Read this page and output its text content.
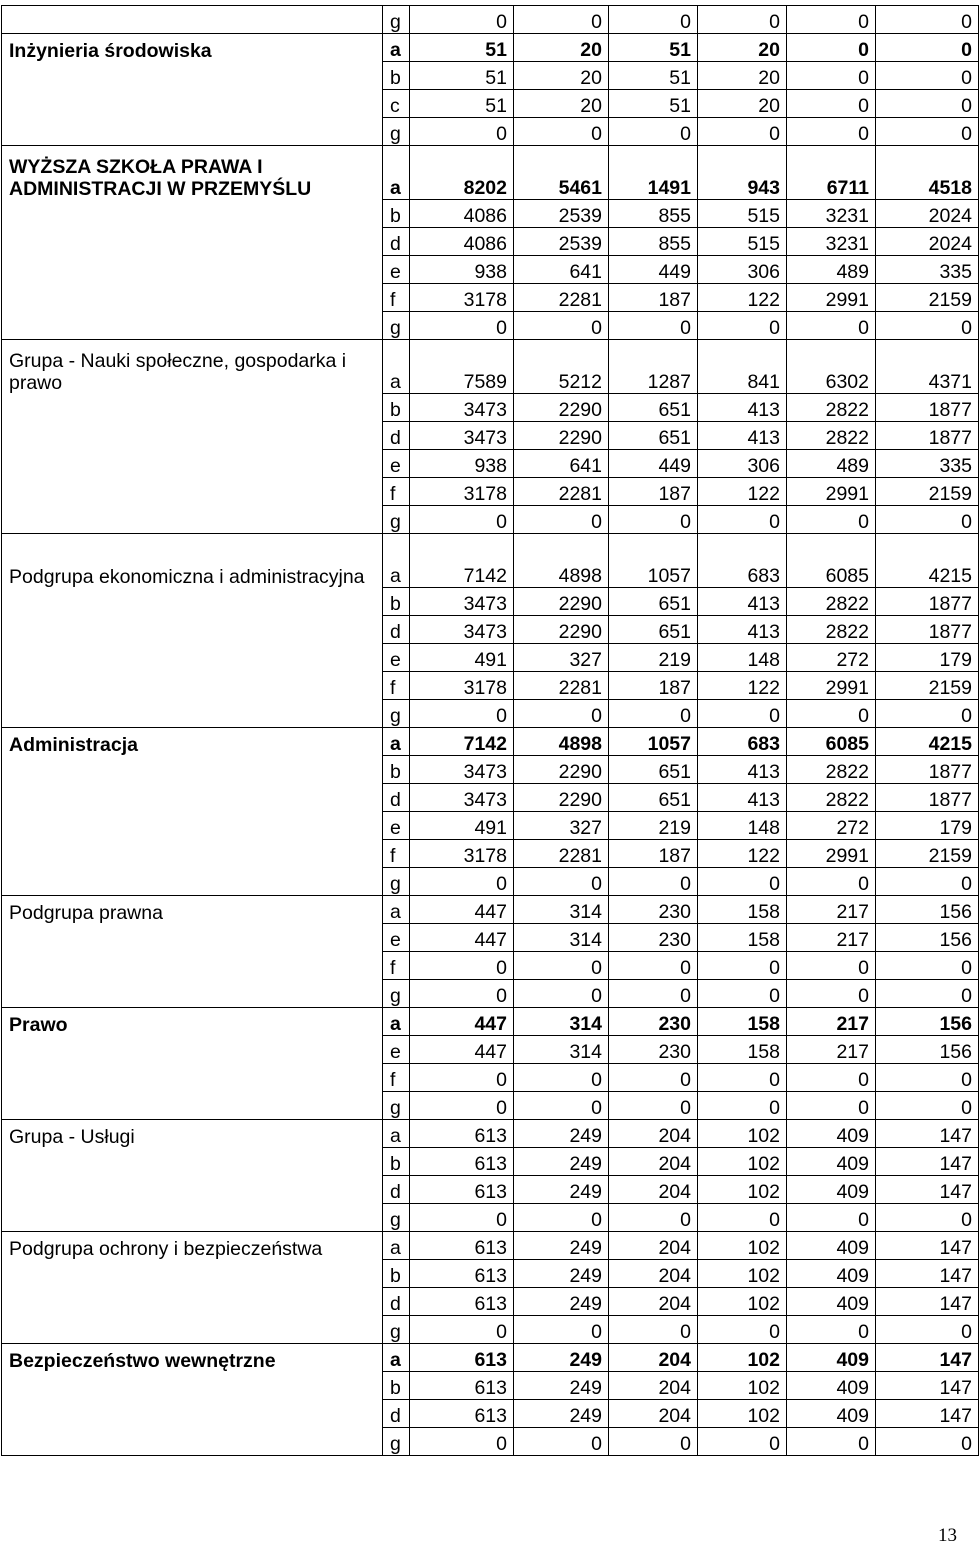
	g	0	0	0	0	0	0
Inżynieria środowiska	a	51	20	51	20	0	0
	b	51	20	51	20	0	0
	c	51	20	51	20	0	0
	g	0	0	0	0	0	0
WYŻSZA SZKOŁA PRAWA I ADMINISTRACJI W PRZEMYŚLU	a	8202	5461	1491	943	6711	4518
	b	4086	2539	855	515	3231	2024
	d	4086	2539	855	515	3231	2024
	e	938	641	449	306	489	335
	f	3178	2281	187	122	2991	2159
	g	0	0	0	0	0	0
Grupa - Nauki społeczne, gospodarka i prawo	a	7589	5212	1287	841	6302	4371
	b	3473	2290	651	413	2822	1877
	d	3473	2290	651	413	2822	1877
	e	938	641	449	306	489	335
	f	3178	2281	187	122	2991	2159
	g	0	0	0	0	0	0
Podgrupa ekonomiczna i administracyjna	a	7142	4898	1057	683	6085	4215
	b	3473	2290	651	413	2822	1877
	d	3473	2290	651	413	2822	1877
	e	491	327	219	148	272	179
	f	3178	2281	187	122	2991	2159
	g	0	0	0	0	0	0
Administracja	a	7142	4898	1057	683	6085	4215
	b	3473	2290	651	413	2822	1877
	d	3473	2290	651	413	2822	1877
	e	491	327	219	148	272	179
	f	3178	2281	187	122	2991	2159
	g	0	0	0	0	0	0
Podgrupa prawna	a	447	314	230	158	217	156
	e	447	314	230	158	217	156
	f	0	0	0	0	0	0
	g	0	0	0	0	0	0
Prawo	a	447	314	230	158	217	156
	e	447	314	230	158	217	156
	f	0	0	0	0	0	0
	g	0	0	0	0	0	0
Grupa - Usługi	a	613	249	204	102	409	147
	b	613	249	204	102	409	147
	d	613	249	204	102	409	147
	g	0	0	0	0	0	0
Podgrupa ochrony i bezpieczeństwa	a	613	249	204	102	409	147
	b	613	249	204	102	409	147
	d	613	249	204	102	409	147
	g	0	0	0	0	0	0
Bezpieczeństwo wewnętrzne	a	613	249	204	102	409	147
	b	613	249	204	102	409	147
	d	613	249	204	102	409	147
	g	0	0	0	0	0	0
13
